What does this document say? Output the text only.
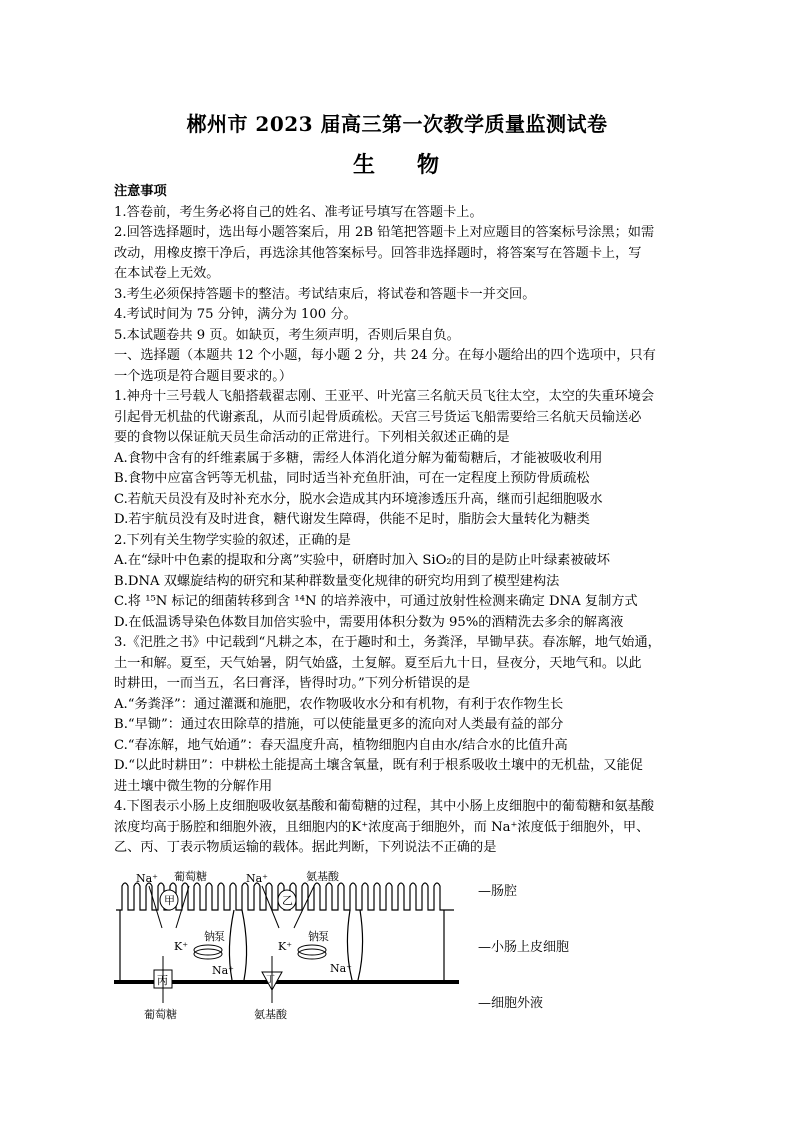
郴州市 2023 届高三第一次教学质量监测试卷
生 物
注意事项
1.答卷前，考生务必将自己的姓名、准考证号填写在答题卡上。
2.回答选择题时，选出每小题答案后，用 2B 铅笔把答题卡上对应题目的答案标号涂黑；如需
改动，用橡皮擦干净后，再选涂其他答案标号。回答非选择题时，将答案写在答题卡上，写
在本试卷上无效。
3.考生必须保持答题卡的整洁。考试结束后，将试卷和答题卡一并交回。
4.考试时间为 75 分钟，满分为 100 分。
5.本试题卷共 9 页。如缺页，考生须声明，否则后果自负。
一、选择题（本题共 12 个小题，每小题 2 分，共 24 分。在每小题给出的四个选项中，只有
一个选项是符合题目要求的。）
1.神舟十三号载人飞船搭载翟志刚、王亚平、叶光富三名航天员飞往太空，太空的失重环境会
引起骨无机盐的代谢紊乱，从而引起骨质疏松。天宫三号货运飞船需要给三名航天员输送必
要的食物以保证航天员生命活动的正常进行。下列相关叙述正确的是
A.食物中含有的纤维素属于多糖，需经人体消化道分解为葡萄糖后，才能被吸收利用
B.食物中应富含钙等无机盐，同时适当补充鱼肝油，可在一定程度上预防骨质疏松
C.若航天员没有及时补充水分，脱水会造成其内环境渗透压升高，继而引起细胞吸水
D.若宇航员没有及时进食，糖代谢发生障碍，供能不足时，脂肪会大量转化为糖类
2.下列有关生物学实验的叙述，正确的是
A.在“绿叶中色素的提取和分离”实验中，研磨时加入 SiO₂的目的是防止叶绿素被破坏
B.DNA 双螺旋结构的研究和某种群数量变化规律的研究均用到了模型建构法
C.将 ¹⁵N 标记的细菌转移到含 ¹⁴N 的培养液中，可通过放射性检测来确定 DNA 复制方式
D.在低温诱导染色体数目加倍实验中，需要用体积分数为 95%的酒精洗去多余的解离液
3.《汜胜之书》中记载到“凡耕之本，在于趣时和土，务粪泽，早锄早获。春冻解，地气始通，
土一和解。夏至，天气始暑，阴气始盛，土复解。夏至后九十日，昼夜分，天地气和。以此
时耕田，一而当五，名曰膏泽，皆得时功。”下列分析错误的是
A.“务粪泽”：通过灌溉和施肥，农作物吸收水分和有机物，有利于农作物生长
B.“早锄”：通过农田除草的措施，可以使能量更多的流向对人类最有益的部分
C.“春冻解，地气始通”：春天温度升高，植物细胞内自由水/结合水的比值升高
D.“以此时耕田”：中耕松土能提高土壤含氧量，既有利于根系吸收土壤中的无机盐，又能促
进土壤中微生物的分解作用
4.下图表示小肠上皮细胞吸收氨基酸和葡萄糖的过程，其中小肠上皮细胞中的葡萄糖和氨基酸
浓度均高于肠腔和细胞外液，且细胞内的K⁺浓度高于细胞外，而 Na⁺浓度低于细胞外，甲、
乙、丙、丁表示物质运输的载体。据此判断，下列说法不正确的是
甲	乙
Na⁺ 葡萄糖	Na⁺	氨基酸
钠 泵
K⁺
Na⁺
钠 泵
K⁺
Na⁺
丙	丁
葡萄糖	氨基酸
—肠腔
—小肠上皮细胞
—细胞外液
